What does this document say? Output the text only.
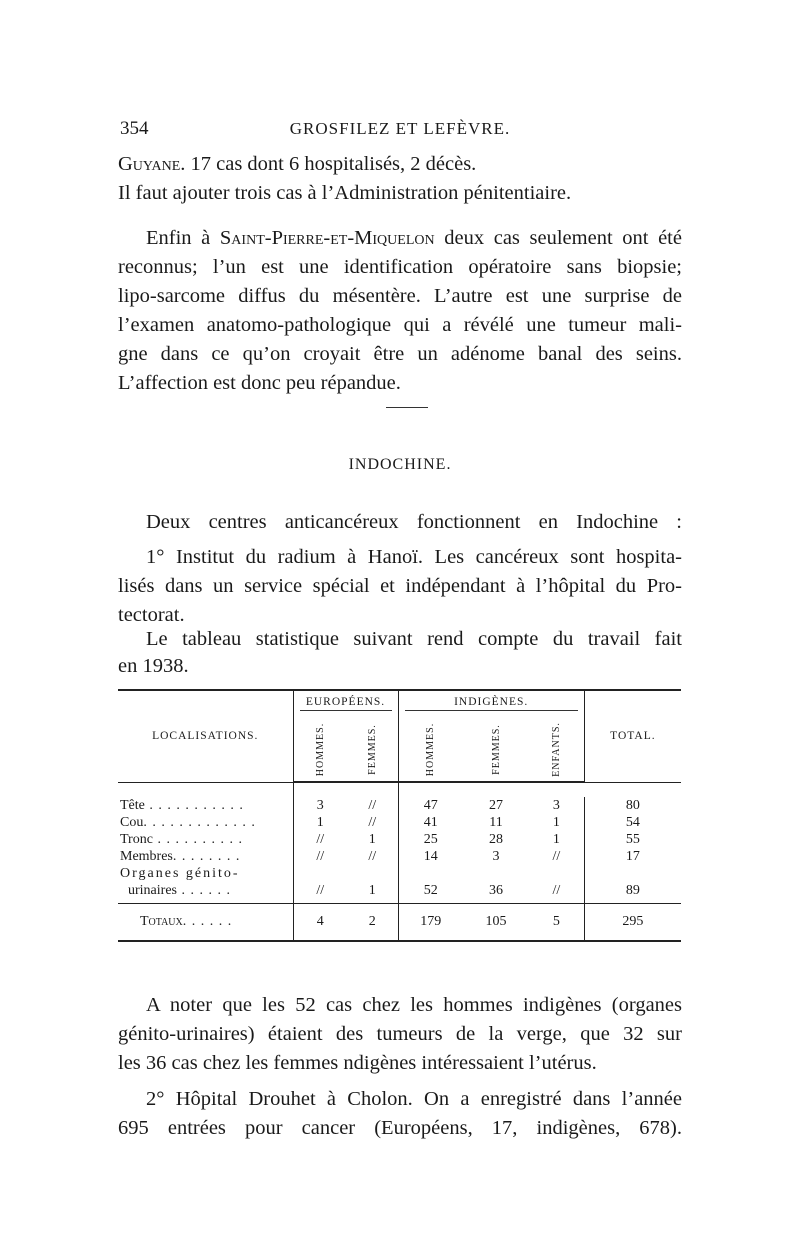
354	GROSFILEZ ET LEFÈVRE.
Guyane. 17 cas dont 6 hospitalisés, 2 décès.
Il faut ajouter trois cas à l’Administration pénitentiaire.
Enfin à Saint-Pierre-et-Miquelon deux cas seulement ont été
reconnus; l’un est une identification opératoire sans biopsie;
lipo-sarcome diffus du mésentère. L’autre est une surprise de
l’examen anatomo-pathologique qui a révélé une tumeur mali-
gne dans ce qu’on croyait être un adénome banal des seins.
L’affection est donc peu répandue.
INDOCHINE.
Deux centres anticancéreux fonctionnent en Indochine :
1° Institut du radium à Hanoï. Les cancéreux sont hospita-
lisés dans un service spécial et indépendant à l’hôpital du Pro-
tectorat.
Le tableau statistique suivant rend compte du travail fait
en 1938.
LOCALISATIONS.	EUROPÉENS.		INDIGÈNES.			TOTAL.
	HOMMES.	FEMMES.	HOMMES.	FEMMES.	ENFANTS.	

Tête . . . . . . . . . . .	3	//	47	27	3	80
Cou. . . . . . . . . . . . .	1	//	41	11	1	54
Tronc . . . . . . . . . .	//	1	25	28	1	55
Membres. . . . . . . .	//	//	14	3	//	17
Organes génito-
urinaires . . . . . .	//	1	52	36	//	89
Totaux. . . . . .	4	2	179	105	5	295
A noter que les 52 cas chez les hommes indigènes (organes
génito-urinaires) étaient des tumeurs de la verge, que 32 sur
les 36 cas chez les femmes ndigènes intéressaient l’utérus.
2° Hôpital Drouhet à Cholon. On a enregistré dans l’année
695 entrées pour cancer (Européens, 17, indigènes, 678).
